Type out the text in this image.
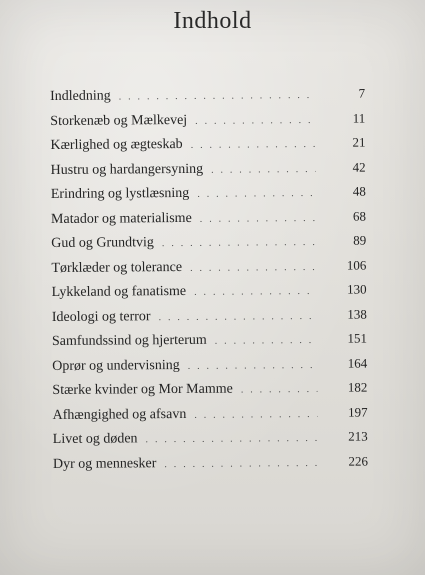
Indhold
Indledning . . .	7
Storkenæb og Mælkevej . . .	11
Kærlighed og ægteskab . . .	21
Hustru og hardangersyning . . .	42
Erindring og lystlæsning . . .	48
Matador og materialisme . . .	68
Gud og Grundtvig . . .	89
Tørklæder og tolerance . . .	106
Lykkeland og fanatisme . . .	130
Ideologi og terror . . .	138
Samfundssind og hjerterum . . .	151
Oprør og undervisning . . .	164
Stærke kvinder og Mor Mamme . . .	182
Afhængighed og afsavn . . .	197
Livet og døden . . .	213
Dyr og mennesker . . .	226
